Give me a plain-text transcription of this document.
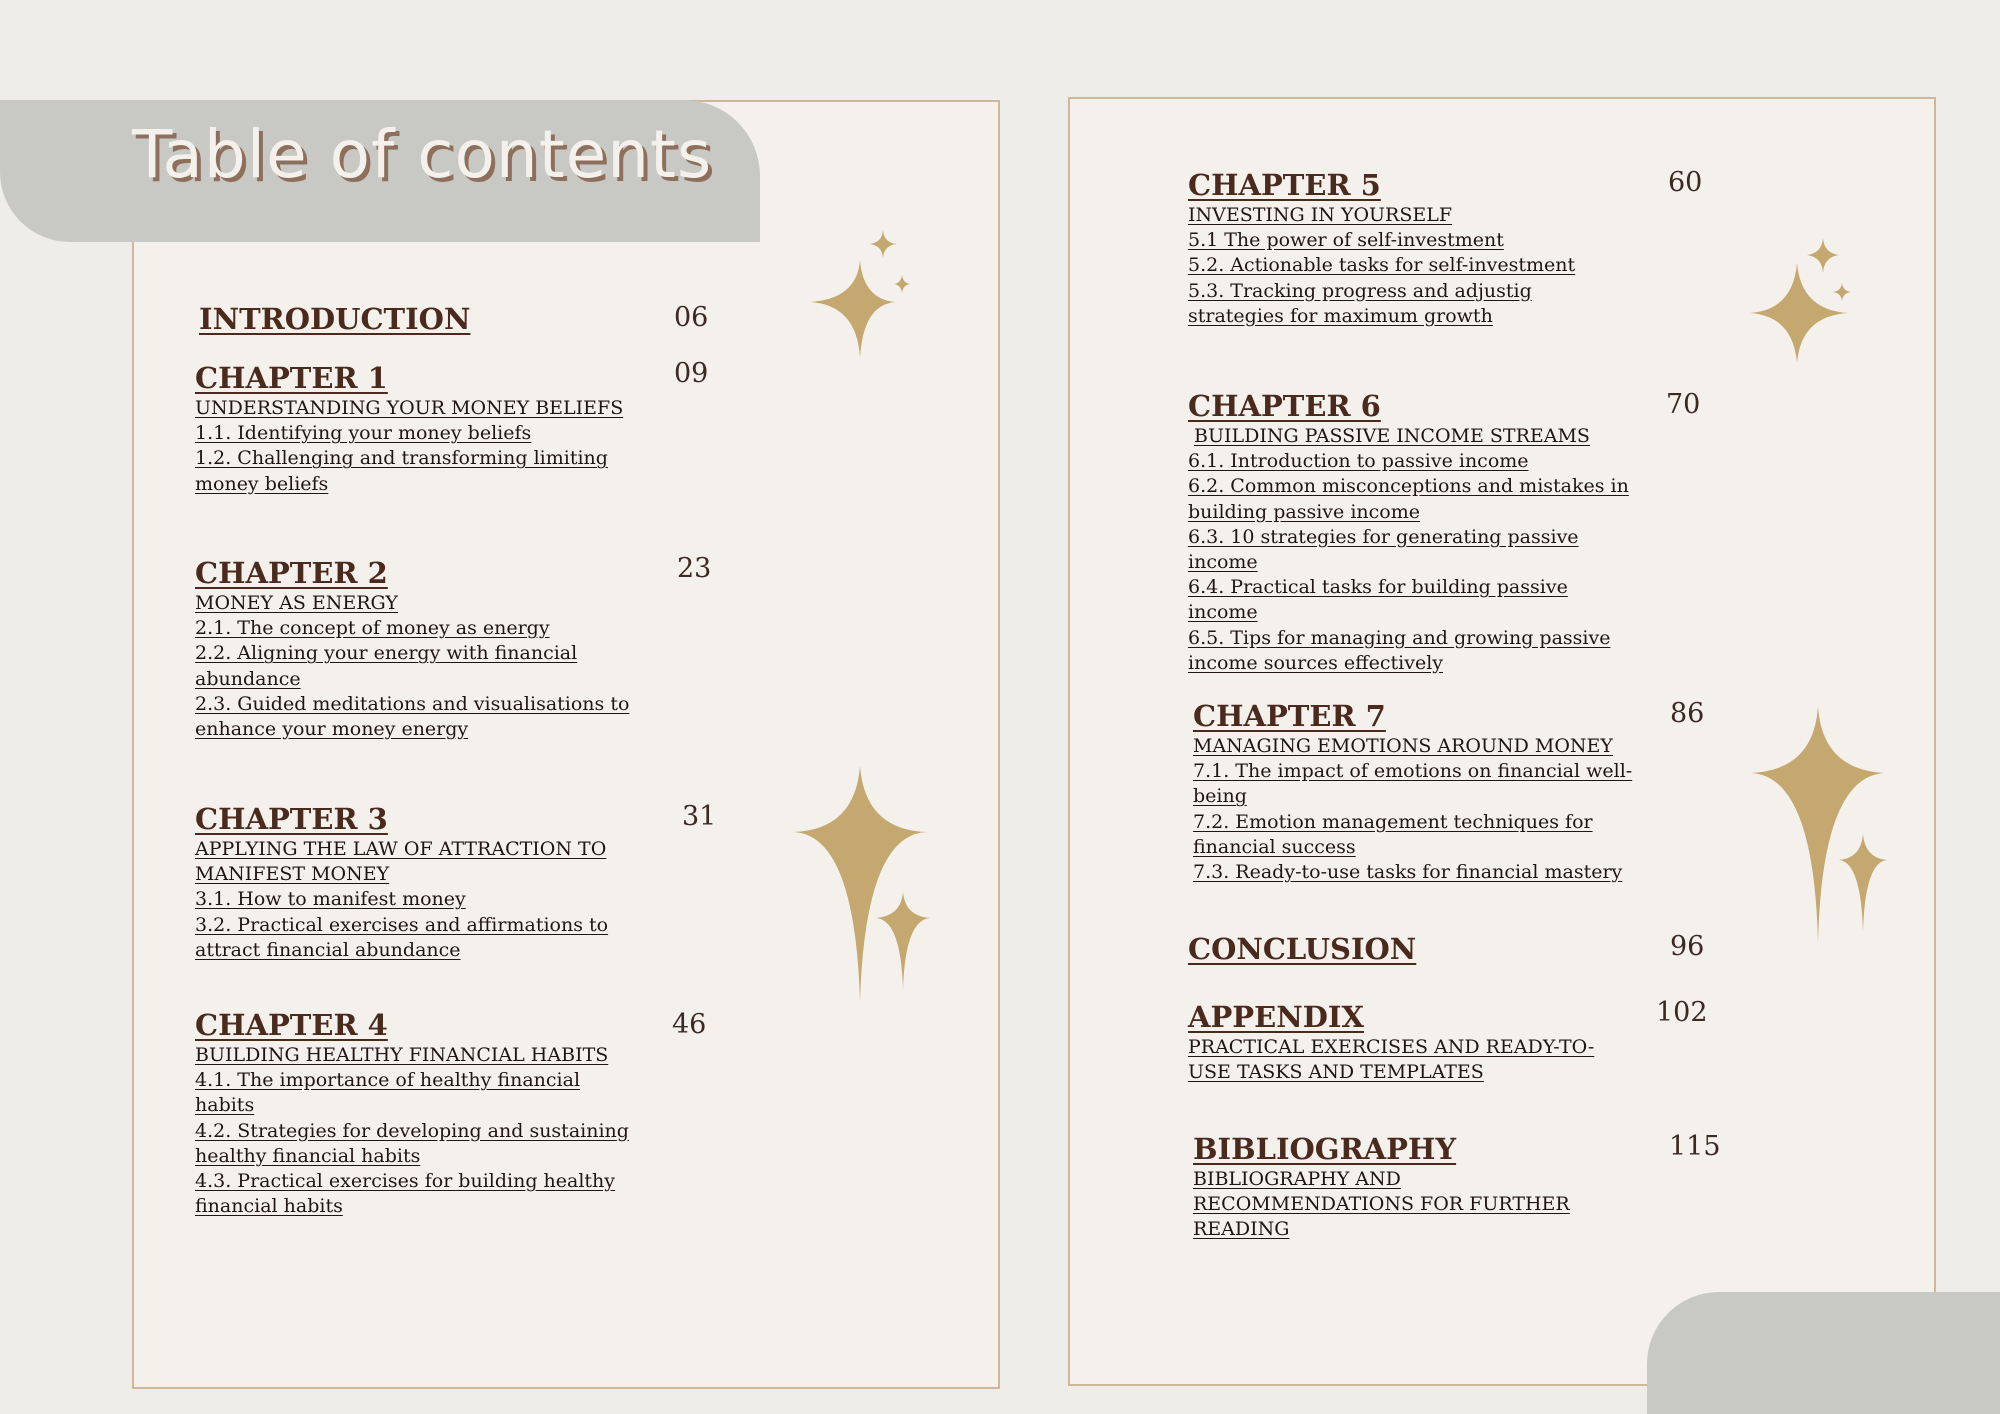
Table of contents
INTRODUCTION	06
CHAPTER 1
UNDERSTANDING YOUR MONEY BELIEFS
1.1. Identifying your money beliefs
1.2. Challenging and transforming limiting money beliefs
09
CHAPTER 2
MONEY AS ENERGY
2.1. The concept of money as energy
2.2. Aligning your energy with financial abundance
2.3. Guided meditations and visualisations to enhance your money energy
23
CHAPTER 3
APPLYING THE LAW OF ATTRACTION TO MANIFEST MONEY
3.1. How to manifest money
3.2. Practical exercises and affirmations to attract financial abundance
31
CHAPTER 4
BUILDING HEALTHY FINANCIAL HABITS
4.1. The importance of healthy financial habits
4.2. Strategies for developing and sustaining healthy financial habits
4.3. Practical exercises for building healthy financial habits
46
CHAPTER 5
INVESTING IN YOURSELF
5.1 The power of self-investment
5.2. Actionable tasks for self-investment
5.3. Tracking progress and adjustig strategies for maximum growth
60
CHAPTER 6
BUILDING PASSIVE INCOME STREAMS
6.1. Introduction to passive income
6.2. Common misconceptions and mistakes in building passive income
6.3. 10 strategies for generating passive income
6.4. Practical tasks for building passive income
6.5. Tips for managing and growing passive income sources effectively
70
CHAPTER 7
MANAGING EMOTIONS AROUND MONEY
7.1. The impact of emotions on financial well-being
7.2. Emotion management techniques for financial success
7.3. Ready-to-use tasks for financial mastery
86
CONCLUSION	96
APPENDIX
PRACTICAL EXERCISES AND READY-TO-USE TASKS AND TEMPLATES
102
BIBLIOGRAPHY
BIBLIOGRAPHY AND RECOMMENDATIONS FOR FURTHER READING
115
